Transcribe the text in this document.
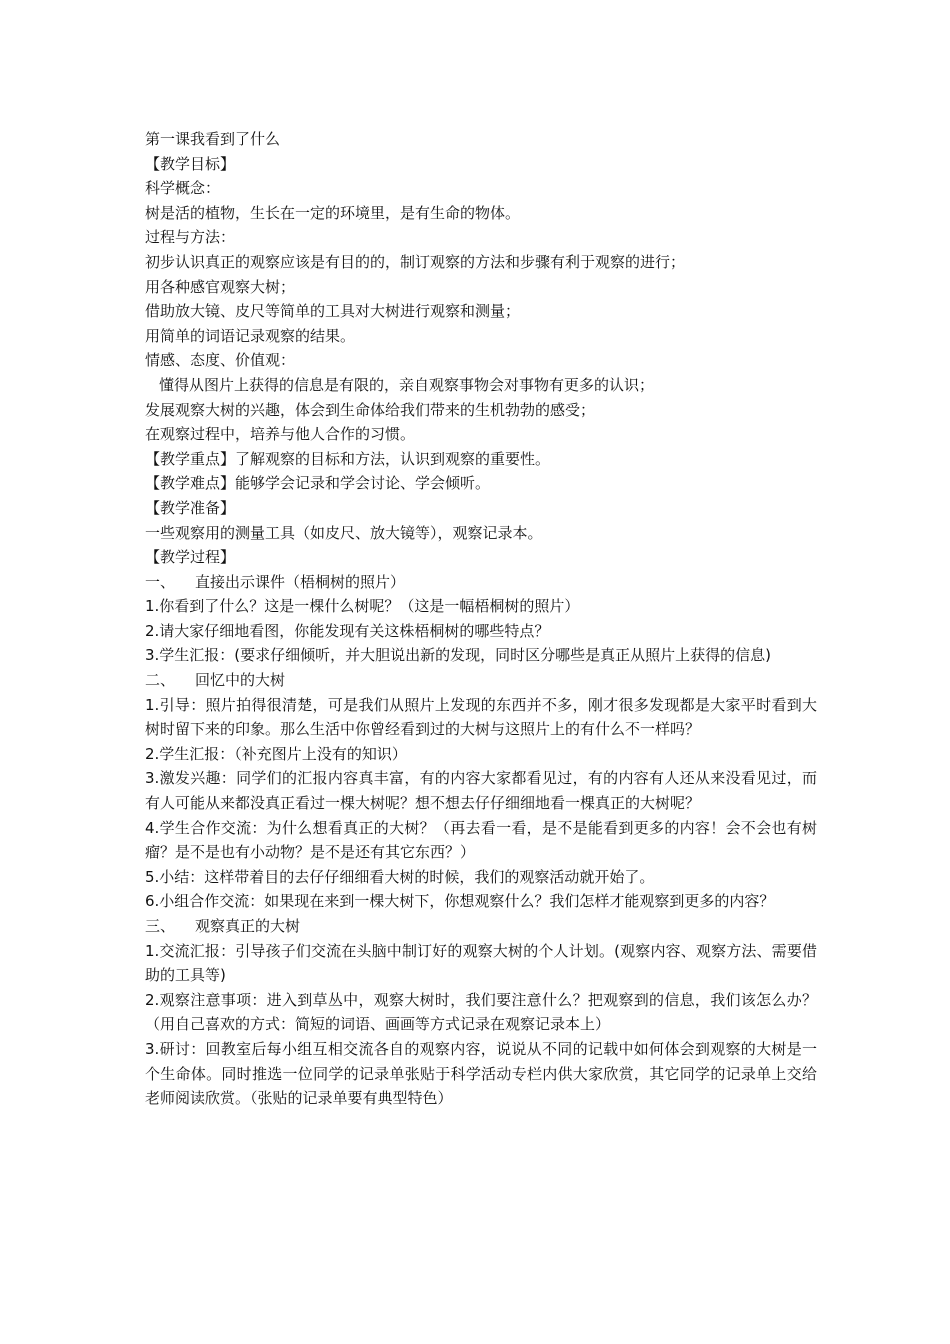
第一课我看到了什么
【教学目标】
科学概念：
树是活的植物，生长在一定的环境里，是有生命的物体。
过程与方法：
初步认识真正的观察应该是有目的的，制订观察的方法和步骤有利于观察的进行；
用各种感官观察大树；
借助放大镜、皮尺等简单的工具对大树进行观察和测量；
用简单的词语记录观察的结果。
情感、态度、价值观：
懂得从图片上获得的信息是有限的，亲自观察事物会对事物有更多的认识；
发展观察大树的兴趣，体会到生命体给我们带来的生机勃勃的感受；
在观察过程中，培养与他人合作的习惯。
【教学重点】了解观察的目标和方法，认识到观察的重要性。
【教学难点】能够学会记录和学会讨论、学会倾听。
【教学准备】
一些观察用的测量工具（如皮尺、放大镜等），观察记录本。
【教学过程】
一、 直接出示课件（梧桐树的照片）
1.你看到了什么？这是一棵什么树呢？（这是一幅梧桐树的照片）
2.请大家仔细地看图，你能发现有关这株梧桐树的哪些特点？
3.学生汇报：(要求仔细倾听，并大胆说出新的发现，同时区分哪些是真正从照片上获得的信息)
二、 回忆中的大树
1.引导：照片拍得很清楚，可是我们从照片上发现的东西并不多，刚才很多发现都是大家平时看到大树时留下来的印象。那么生活中你曾经看到过的大树与这照片上的有什么不一样吗？
2.学生汇报：（补充图片上没有的知识）
3.激发兴趣：同学们的汇报内容真丰富，有的内容大家都看见过，有的内容有人还从来没看见过，而有人可能从来都没真正看过一棵大树呢？想不想去仔仔细细地看一棵真正的大树呢？
4.学生合作交流：为什么想看真正的大树？（再去看一看，是不是能看到更多的内容！会不会也有树瘤？是不是也有小动物？是不是还有其它东西？）
5.小结：这样带着目的去仔仔细细看大树的时候，我们的观察活动就开始了。
6.小组合作交流：如果现在来到一棵大树下，你想观察什么？我们怎样才能观察到更多的内容？
三、 观察真正的大树
1.交流汇报：引导孩子们交流在头脑中制订好的观察大树的个人计划。(观察内容、观察方法、需要借助的工具等)
2.观察注意事项：进入到草丛中，观察大树时，我们要注意什么？把观察到的信息，我们该怎么办？（用自己喜欢的方式：简短的词语、画画等方式记录在观察记录本上）
3.研讨：回教室后每小组互相交流各自的观察内容，说说从不同的记载中如何体会到观察的大树是一个生命体。同时推选一位同学的记录单张贴于科学活动专栏内供大家欣赏，其它同学的记录单上交给老师阅读欣赏。（张贴的记录单要有典型特色）
